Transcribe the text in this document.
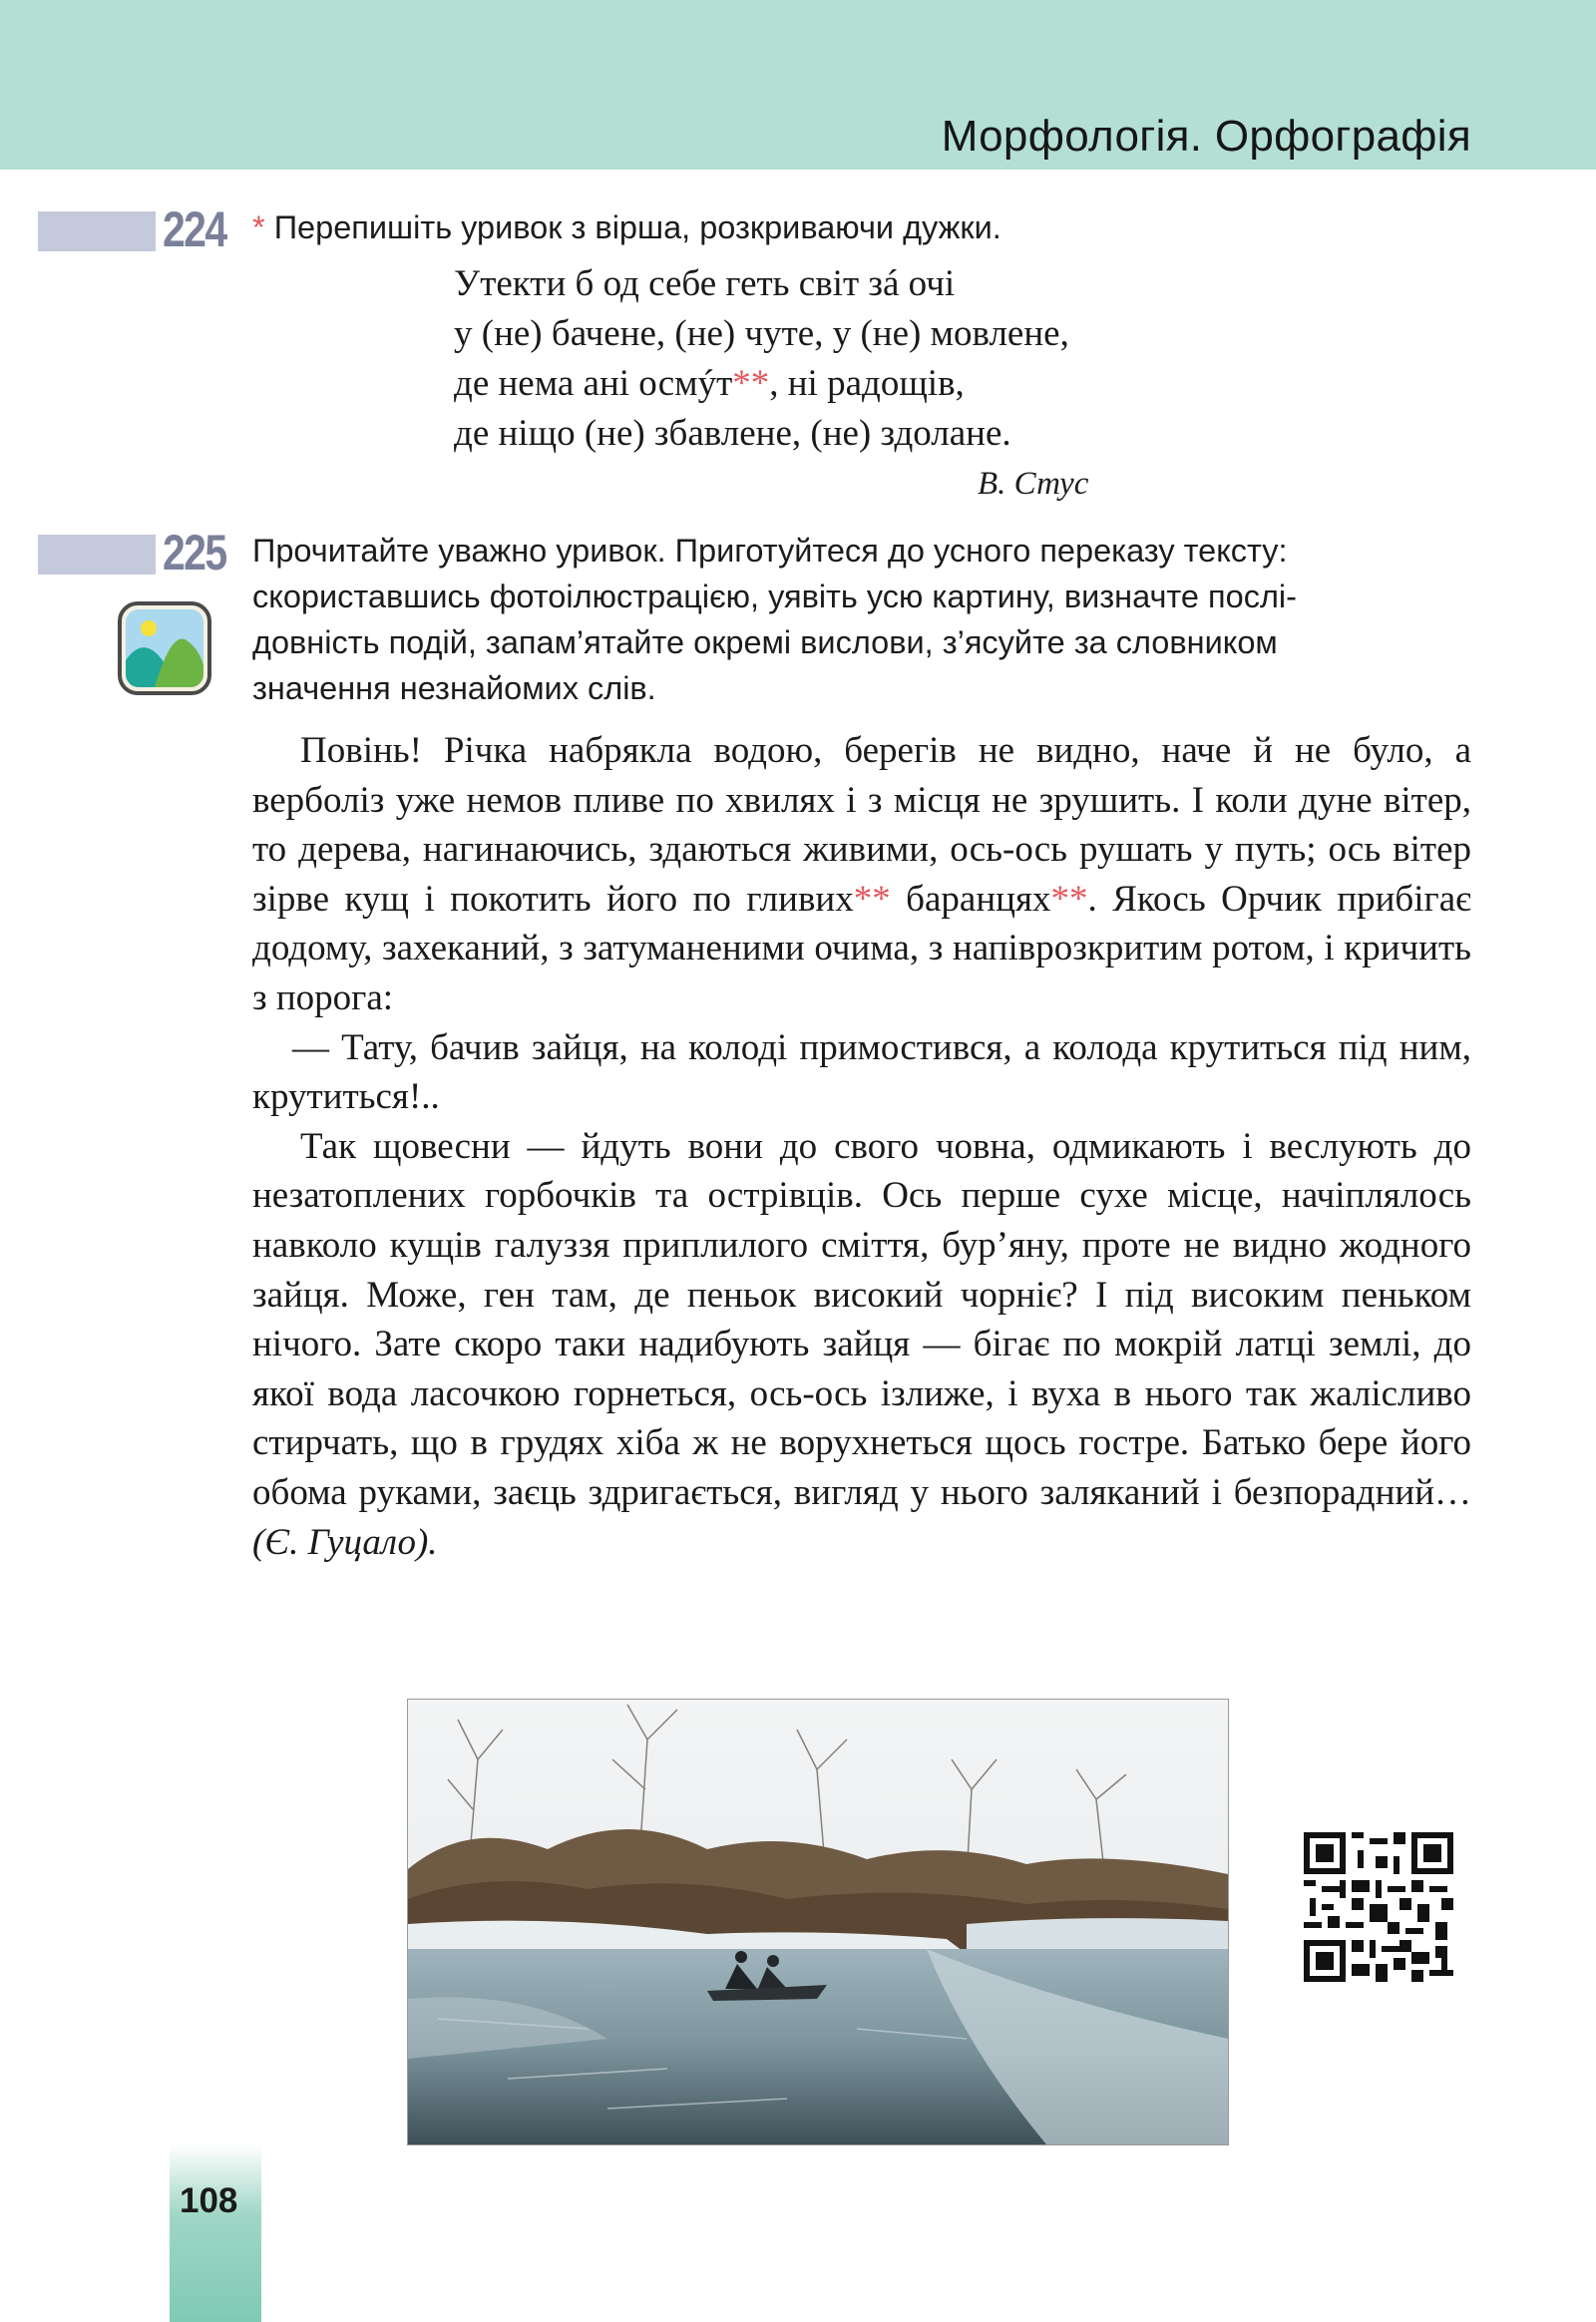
Морфологія. Орфографія
224 * Перепишіть уривок з вірша, розкриваючи дужки.
Утекти б од себе геть світ зá очі
у (не) бачене, (не) чуте, у (не) мовлене,
де нема ані осмýт**, ні радощів,
де ніщо (не) збавлене, (не) здолане.
В. Стус
225 Прочитайте уважно уривок. Приготуйтеся до усного переказу тексту:
скориставшись фотоілюстрацією, уявіть усю картину, визначте послі-
довність подій, запам’ятайте окремі вислови, з’ясуйте за словником
значення незнайомих слів.

Повінь! Річка набрякла водою, берегів не видно, наче й не було, а верболіз уже немов пливе по хвилях і з місця не зрушить. І коли дуне вітер, то дерева, нагинаючись, здаються живими, ось-ось рушать у путь; ось вітер зірве кущ і покотить його по гливих** баранцях**. Якось Орчик прибігає додому, захеканий, з затуманеними очима, з напіврозкритим ротом, і кричить з порога:

— Тату, бачив зайця, на колоді примостився, а колода крутиться під ним, крутиться!..

Так щовесни — йдуть вони до свого човна, одмикають і веслують до незатоплених горбочків та острівців. Ось перше сухе місце, начіплялось навколо кущів галуззя приплилого сміття, бур’яну, проте не видно жодного зайця. Може, ген там, де пеньок високий чорніє? І під високим пеньком нічого. Зате скоро таки надибують зайця — бігає по мокрій латці землі, до якої вода ласочкою горнеться, ось-ось ізлиже, і вуха в нього так жалісливо стирчать, що в грудях хіба ж не ворухнеться щось гостре. Батько бере його обома руками, заєць здригається, вигляд у нього заляканий і безпорадний… (Є. Гуцало).

108
